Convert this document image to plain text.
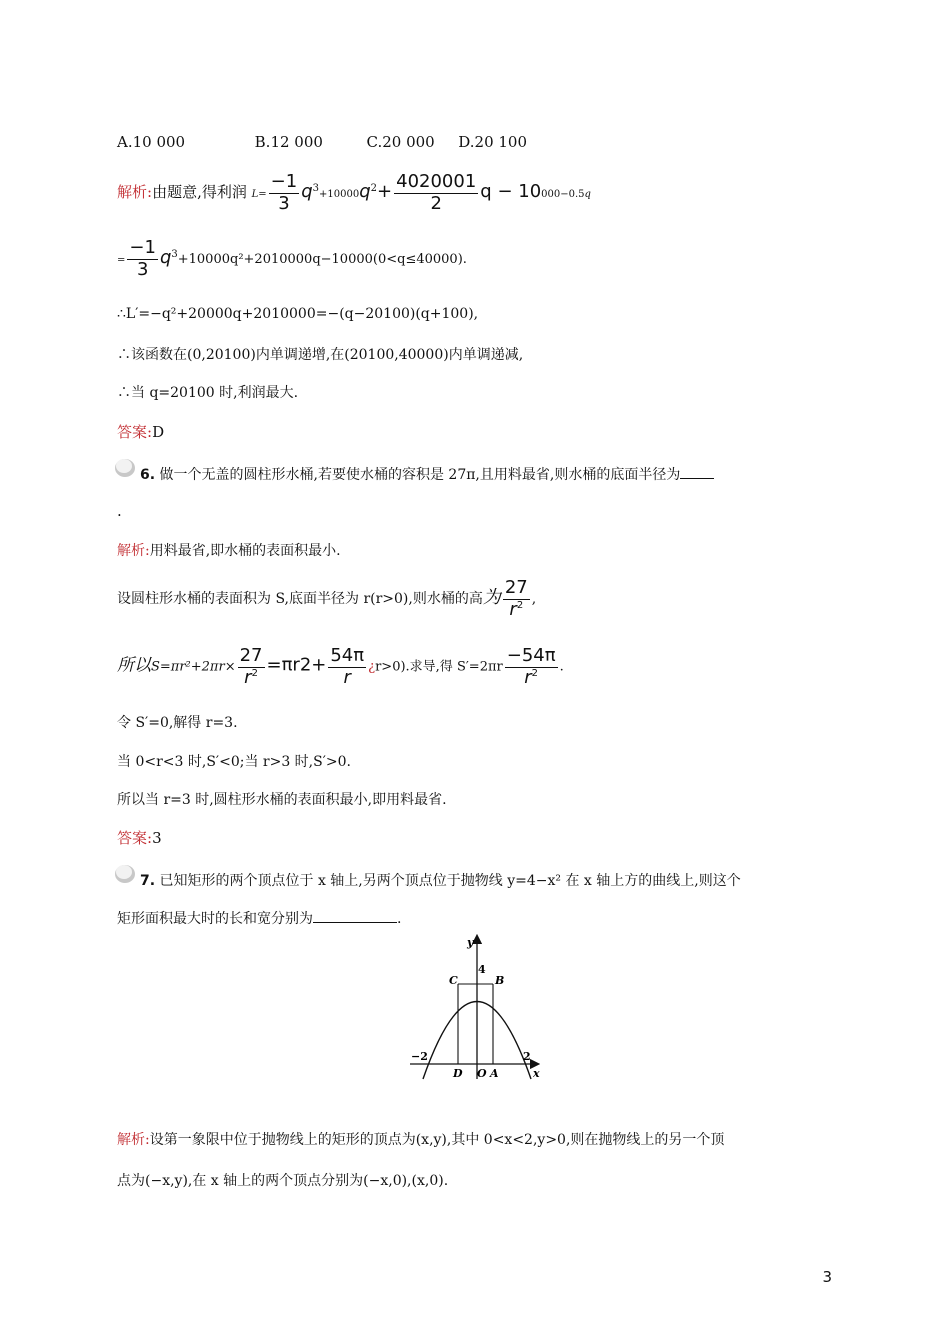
A.10 000	B.12 000	C.20 000 D.20 100
解析:由题意,得利润 $L= \frac{-1}{3} q^3+10000q^2+ \frac{4020001}{2}$ q − 10000−0.5q
= $\frac{-1}{3} q^3+10000q^2+2010000q-10000(0<q\le 40000)$.
∴L′=−q²+20000q+2010000=−(q−20100)(q+100),
∴该函数在(0,20100)内单调递增,在(20100,40000)内单调递减,
∴当 q=20100 时,利润最大.
答案:D
6. 做一个无盖的圆柱形水桶,若要使水桶的容积是 27π,且用料最省,则水桶的底面半径为
.
解析:用料最省,即水桶的表面积最小.
设圆柱形水桶的表面积为 S,底面半径为 r(r>0),则水桶的高为 $\frac{27}{r^2}$ ,
所以$S=\pi r^2+2\pi r\times \frac{27}{r^2} =\pi r2+ \frac{54\pi}{r}$ ¿r>0).求导,得 $S'=2\pi r \frac{-54\pi}{r^2}$ .
令 S′=0,解得 r=3.
当 0<r<3 时,S′<0;当 r>3 时,S′>0.
所以当 r=3 时,圆柱形水桶的表面积最小,即用料最省.
答案:3
7. 已知矩形的两个顶点位于 x 轴上,另两个顶点位于抛物线 y=4−x² 在 x 轴上方的曲线上,则这个
矩形面积最大时的长和宽分别为	.
y
x
4
C	B
−2	2
D O A
解析:设第一象限中位于抛物线上的矩形的顶点为(x,y),其中 0<x<2,y>0,则在抛物线上的另一个顶
点为(−x,y),在 x 轴上的两个顶点分别为(−x,0),(x,0).
3
